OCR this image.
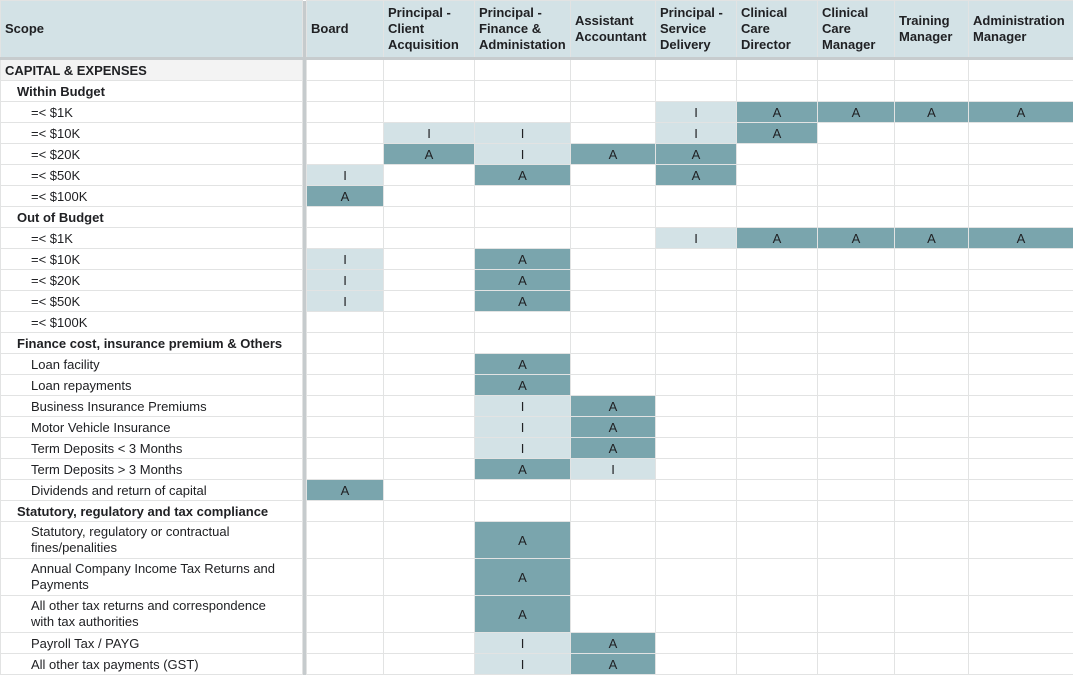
Scope		Board	Principal - Client Acquisition	Principal - Finance & Administation	Assistant Accountant	Principal - Service Delivery	Clinical Care Director	Clinical Care Manager	Training Manager	Administration Manager
CAPITAL & EXPENSES										
Within Budget										
=< $1K						I	A	A	A	A
=< $10K			I	I		I	A			
=< $20K			A	I	A	A				
=< $50K		I		A		A				
=< $100K		A								
Out of Budget										
=< $1K						I	A	A	A	A
=< $10K		I		A						
=< $20K		I		A						
=< $50K		I		A						
=< $100K										
Finance cost, insurance premium & Others										
Loan facility				A						
Loan repayments				A						
Business Insurance Premiums				I	A					
Motor Vehicle Insurance				I	A					
Term Deposits < 3 Months				I	A					
Term Deposits > 3 Months				A	I					
Dividends and return of capital		A								
Statutory, regulatory and tax compliance										
Statutory, regulatory or contractual fines/penalities				A						
Annual Company Income Tax Returns and Payments				A						
All other tax returns and correspondence with tax authorities				A						
Payroll Tax / PAYG				I	A					
All other tax payments (GST)				I	A					
